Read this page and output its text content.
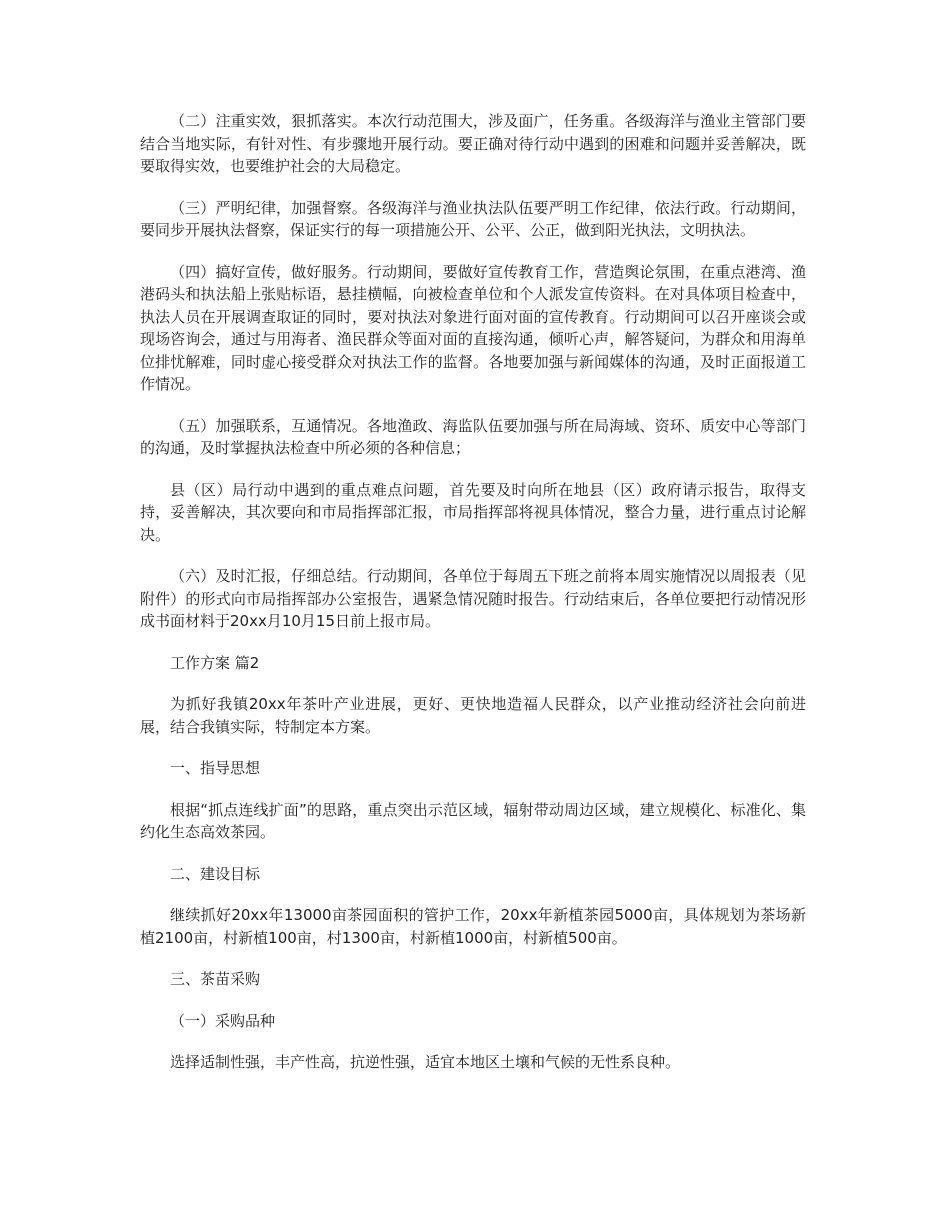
（二）注重实效，狠抓落实。本次行动范围大，涉及面广，任务重。各级海洋与渔业主管部门要结合当地实际，有针对性、有步骤地开展行动。要正确对待行动中遇到的困难和问题并妥善解决，既要取得实效，也要维护社会的大局稳定。

（三）严明纪律，加强督察。各级海洋与渔业执法队伍要严明工作纪律，依法行政。行动期间，要同步开展执法督察，保证实行的每一项措施公开、公平、公正，做到阳光执法，文明执法。

（四）搞好宣传，做好服务。行动期间，要做好宣传教育工作，营造舆论氛围，在重点港湾、渔港码头和执法船上张贴标语，悬挂横幅，向被检查单位和个人派发宣传资料。在对具体项目检查中，执法人员在开展调查取证的同时，要对执法对象进行面对面的宣传教育。行动期间可以召开座谈会或现场咨询会，通过与用海者、渔民群众等面对面的直接沟通，倾听心声，解答疑问，为群众和用海单位排忧解难，同时虚心接受群众对执法工作的监督。各地要加强与新闻媒体的沟通，及时正面报道工作情况。

（五）加强联系，互通情况。各地渔政、海监队伍要加强与所在局海域、资环、质安中心等部门的沟通，及时掌握执法检查中所必须的各种信息；

县（区）局行动中遇到的重点难点问题，首先要及时向所在地县（区）政府请示报告，取得支持，妥善解决，其次要向和市局指挥部汇报，市局指挥部将视具体情况，整合力量，进行重点讨论解决。

（六）及时汇报，仔细总结。行动期间，各单位于每周五下班之前将本周实施情况以周报表（见附件）的形式向市局指挥部办公室报告，遇紧急情况随时报告。行动结束后，各单位要把行动情况形成书面材料于20xx月10月15日前上报市局。

工作方案 篇2

为抓好我镇20xx年茶叶产业进展，更好、更快地造福人民群众，以产业推动经济社会向前进展，结合我镇实际，特制定本方案。

一、指导思想

根据“抓点连线扩面”的思路，重点突出示范区域，辐射带动周边区域，建立规模化、标准化、集约化生态高效茶园。

二、建设目标

继续抓好20xx年13000亩茶园面积的管护工作，20xx年新植茶园5000亩，具体规划为茶场新植2100亩，村新植100亩，村1300亩，村新植1000亩，村新植500亩。

三、茶苗采购

（一）采购品种

选择适制性强，丰产性高，抗逆性强，适宜本地区土壤和气候的无性系良种。
